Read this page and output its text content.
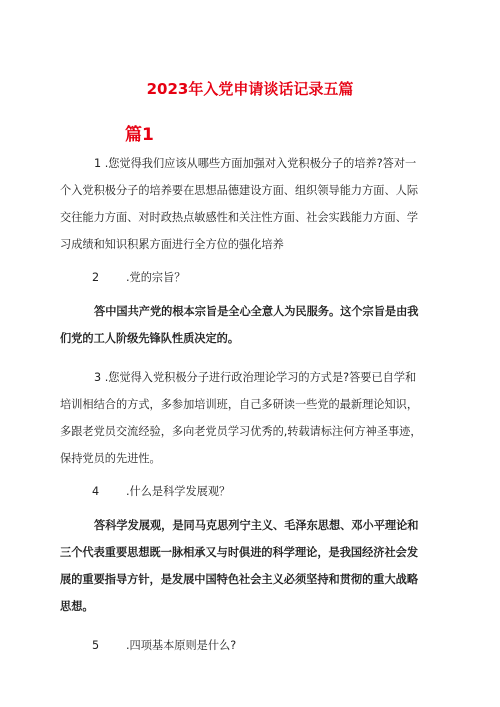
2023年入党申请谈话记录五篇
篇1
1 .您觉得我们应该从哪些方面加强对入党积极分子的培养?答对一个入党积极分子的培养要在思想品德建设方面、组织领导能力方面、人际交往能力方面、对时政热点敏感性和关注性方面、社会实践能力方面、学习成绩和知识积累方面进行全方位的强化培养
2 .党的宗旨？
答中国共产党的根本宗旨是全心全意人为民服务。这个宗旨是由我们党的工人阶级先锋队性质决定的。
3 .您觉得入党积极分子进行政治理论学习的方式是?答要已自学和培训相结合的方式，多参加培训班，自己多研读一些党的最新理论知识，多跟老党员交流经验，多向老党员学习优秀的,转载请标注何方神圣事迹，保持党员的先进性。
4 .什么是科学发展观？
答科学发展观，是同马克思列宁主义、毛泽东思想、邓小平理论和三个代表重要思想既一脉相承又与时俱进的科学理论，是我国经济社会发展的重要指导方针，是发展中国特色社会主义必须坚持和贯彻的重大战略思想。
5 .四项基本原则是什么?
